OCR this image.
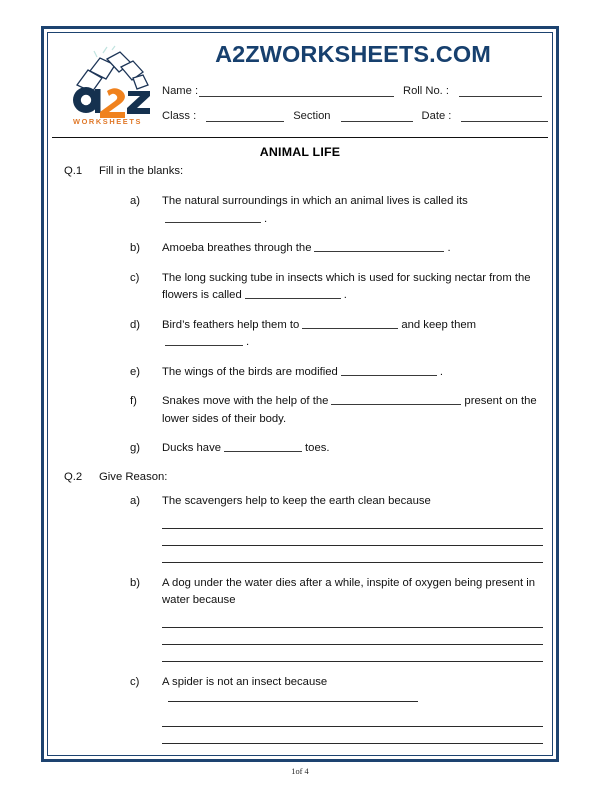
WORKSHEETS
A2ZWORKSHEETS.COM
Name :	Roll No. :
Class :	Section	Date :
ANIMAL LIFE
Q.1 Fill in the blanks:
a) The natural surroundings in which an animal lives is called its.
b) Amoeba breathes through the	.
c) The long sucking tube in insects which is used for sucking nectar from the flowers is called	.
d) Bird’s feathers help them to	and keep them.
e) The wings of the birds are modified	.
f) Snakes move with the help of the	present on the lower sides of their body.
g) Ducks have	toes.
Q.2 Give Reason:
a) The scavengers help to keep the earth clean because
b) A dog under the water dies after a while, inspite of oxygen being present in water because
c) A spider is not an insect because
1of 4
